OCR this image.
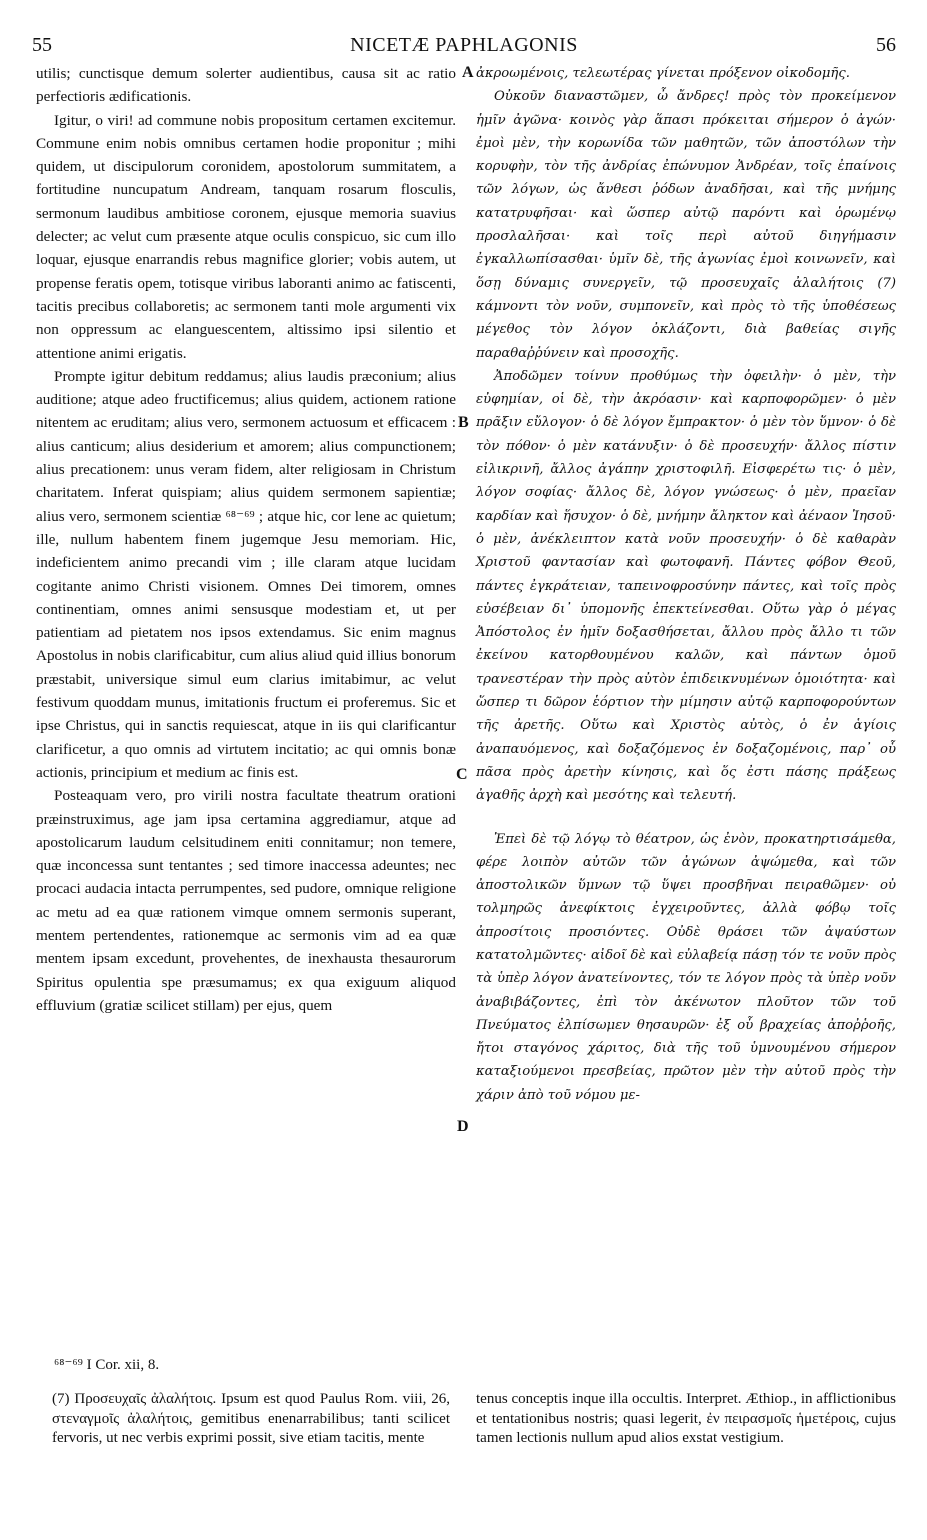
55	NICETÆ PAPHLAGONIS	56

utilis; cunctisque demum solerter audientibus, causa sit ac ratio perfectioris ædificationis.

Igitur, o viri! ad commune nobis propositum certamen excitemur. Commune enim nobis omnibus certamen hodie proponitur ; mihi quidem, ut discipulorum coronidem, apostolorum summitatem, a fortitudine nuncupatum Andream, tanquam rosarum flosculis, sermonum laudibus ambitiose coronem, ejusque memoria suavius delecter; ac velut cum præsente atque oculis conspicuo, sic cum illo loquar, ejusque enarrandis rebus magnifice glorier; vobis autem, ut propense feratis opem, totisque viribus laboranti animo ac fatiscenti, tacitis precibus collaboretis; ac sermonem tanti mole argumenti vix non oppressum ac elanguescentem, altissimo ipsi silentio et attentione animi erigatis.

Prompte igitur debitum reddamus; alius laudis præconium; alius auditione; atque adeo fructificemus; alius quidem, actionem ratione nitentem ac eruditam; alius vero, sermonem actuosum et efficacem : alius canticum; alius desiderium et amorem; alius compunctionem; alius precationem: unus veram fidem, alter religiosam in Christum charitatem. Inferat quispiam; alius quidem sermonem sapientiæ; alius vero, sermonem scientiæ ⁶⁸⁻⁶⁹ ; atque hic, cor lene ac quietum; ille, nullum habentem finem jugemque Jesu memoriam. Hic, indeficientem animo precandi vim ; ille claram atque lucidam cogitante animo Christi visionem. Omnes Dei timorem, omnes continentiam, omnes animi sensusque modestiam et, ut per patientiam ad pietatem nos ipsos extendamus. Sic enim magnus Apostolus in nobis clarificabitur, cum alius aliud quid illius bonorum præstabit, universique simul eum clarius imitabimur, ac velut festivum quoddam munus, imitationis fructum ei proferemus. Sic et ipse Christus, qui in sanctis requiescat, atque in iis qui clarificantur clarificetur, a quo omnis ad virtutem incitatio; ac qui omnis bonæ actionis, principium et medium ac finis est.

Posteaquam vero, pro virili nostra facultate theatrum orationi præinstruximus, age jam ipsa certamina aggrediamur, atque ad apostolicarum laudum celsitudinem eniti connitamur; non temere, quæ inconcessa sunt tentantes ; sed timore inaccessa adeuntes; nec procaci audacia intacta perrumpentes, sed pudore, omnique religione ac metu ad ea quæ rationem vimque omnem sermonis superant, mentem pertendentes, rationemque ac sermonis vim ad ea quæ mentem ipsam excedunt, provehentes, de inexhausta thesaurorum Spiritus opulentia spe præsumamus; ex qua exiguum aliquod effluvium (gratiæ scilicet stillam) per ejus, quem

ἀκροωμένοις, τελεωτέρας γίνεται πρόξενον οἰκοδομῆς.

Οὐκοῦν διαναστῶμεν, ὦ ἄνδρες! πρὸς τὸν προκείμενον ἡμῖν ἀγῶνα· κοινὸς γὰρ ἅπασι πρόκειται σήμερον ὁ ἀγών· ἐμοὶ μὲν, τὴν κορωνίδα τῶν μαθητῶν, τῶν ἀποστόλων τὴν κορυφὴν, τὸν τῆς ἀνδρίας ἐπώνυμον Ἀνδρέαν, τοῖς ἐπαίνοις τῶν λόγων, ὡς ἄνθεσι ῥόδων ἀναδῆσαι, καὶ τῆς μνήμης κατατρυφῆσαι· καὶ ὥσπερ αὐτῷ παρόντι καὶ ὁρωμένῳ προσλαλῆσαι· καὶ τοῖς περὶ αὐτοῦ διηγήμασιν ἐγκαλλωπίσασθαι· ὑμῖν δὲ, τῆς ἀγωνίας ἐμοὶ κοινωνεῖν, καὶ ὅσῃ δύναμις συνεργεῖν, τῷ προσευχαῖς ἀλαλήτοις (7) κάμνοντι τὸν νοῦν, συμπονεῖν, καὶ πρὸς τὸ τῆς ὑποθέσεως μέγεθος τὸν λόγον ὀκλάζοντι, διὰ βαθείας σιγῆς παραθαῤῥύνειν καὶ προσοχῆς.

Ἀποδῶμεν τοίνυν προθύμως τὴν ὀφειλὴν· ὁ μὲν, τὴν εὐφημίαν, οἱ δὲ, τὴν ἀκρόασιν· καὶ καρποφορῶμεν· ὁ μὲν πρᾶξιν εὔλογον· ὁ δὲ λόγον ἔμπρακτον· ὁ μὲν τὸν ὕμνον· ὁ δὲ τὸν πόθον· ὁ μὲν κατάνυξιν· ὁ δὲ προσευχήν· ἄλλος πίστιν εἰλικρινῆ, ἄλλος ἀγάπην χριστοφιλῆ. Εἰσφερέτω τις· ὁ μὲν, λόγον σοφίας· ἄλλος δὲ, λόγον γνώσεως· ὁ μὲν, πραεῖαν καρδίαν καὶ ἥσυχον· ὁ δὲ, μνήμην ἄληκτον καὶ ἀέναον Ἰησοῦ· ὁ μὲν, ἀνέκλειπτον κατὰ νοῦν προσευχήν· ὁ δὲ καθαρὰν Χριστοῦ φαντασίαν καὶ φωτοφανῆ. Πάντες φόβον Θεοῦ, πάντες ἐγκράτειαν, ταπεινοφροσύνην πάντες, καὶ τοῖς πρὸς εὐσέβειαν δι᾽ ὑπομονῆς ἐπεκτείνεσθαι. Οὕτω γὰρ ὁ μέγας Ἀπόστολος ἐν ἡμῖν δοξασθήσεται, ἄλλου πρὸς ἄλλο τι τῶν ἐκείνου κατορθουμένου καλῶν, καὶ πάντων ὁμοῦ τρανεστέραν τὴν πρὸς αὐτὸν ἐπιδεικνυμένων ὁμοιότητα· καὶ ὥσπερ τι δῶρον ἑόρτιον τὴν μίμησιν αὐτῷ καρποφορούντων τῆς ἀρετῆς. Οὕτω καὶ Χριστὸς αὐτὸς, ὁ ἐν ἁγίοις ἀναπαυόμενος, καὶ δοξαζόμενος ἐν δοξαζομένοις, παρ᾽ οὗ πᾶσα πρὸς ἀρετὴν κίνησις, καὶ ὅς ἐστι πάσης πράξεως ἀγαθῆς ἀρχὴ καὶ μεσότης καὶ τελευτή.

Ἐπεὶ δὲ τῷ λόγῳ τὸ θέατρον, ὡς ἐνὸν, προκατηρτισάμεθα, φέρε λοιπὸν αὐτῶν τῶν ἀγώνων ἀψώμεθα, καὶ τῶν ἀποστολικῶν ὕμνων τῷ ὕψει προσβῆναι πειραθῶμεν· οὐ τολμηρῶς ἀνεφίκτοις ἐγχειροῦντες, ἀλλὰ φόβῳ τοῖς ἀπροσίτοις προσιόντες. Οὐδὲ θράσει τῶν ἀψαύστων κατατολμῶντες· αἰδοῖ δὲ καὶ εὐλαβείᾳ πάσῃ τόν τε νοῦν πρὸς τὰ ὑπὲρ λόγον ἀνατείνοντες, τόν τε λόγον πρὸς τὰ ὑπὲρ νοῦν ἀναβιβάζοντες, ἐπὶ τὸν ἀκένωτον πλοῦτον τῶν τοῦ Πνεύματος ἐλπίσωμεν θησαυρῶν· ἐξ οὗ βραχείας ἀποῤῥοῆς, ἤτοι σταγόνος χάριτος, διὰ τῆς τοῦ ὑμνουμένου σήμερον καταξιούμενοι πρεσβείας, πρῶτον μὲν τὴν αὐτοῦ πρὸς τὴν χάριν ἀπὸ τοῦ νόμου με-

A
B
C
D
⁶⁸⁻⁶⁹ I Cor. xii, 8.

(7) Προσευχαῖς ἀλαλήτοις. Ipsum est quod Paulus Rom. viii, 26, στεναγμοῖς ἀλαλήτοις, gemitibus enenarrabilibus; tanti scilicet fervoris, ut nec verbis exprimi possit, sive etiam tacitis, mente

tenus conceptis inque illa occultis. Interpret. Æthiop., in afflictionibus et tentationibus nostris; quasi legerit, ἐν πειρασμοῖς ἡμετέροις, cujus tamen lectionis nullum apud alios exstat vestigium.
